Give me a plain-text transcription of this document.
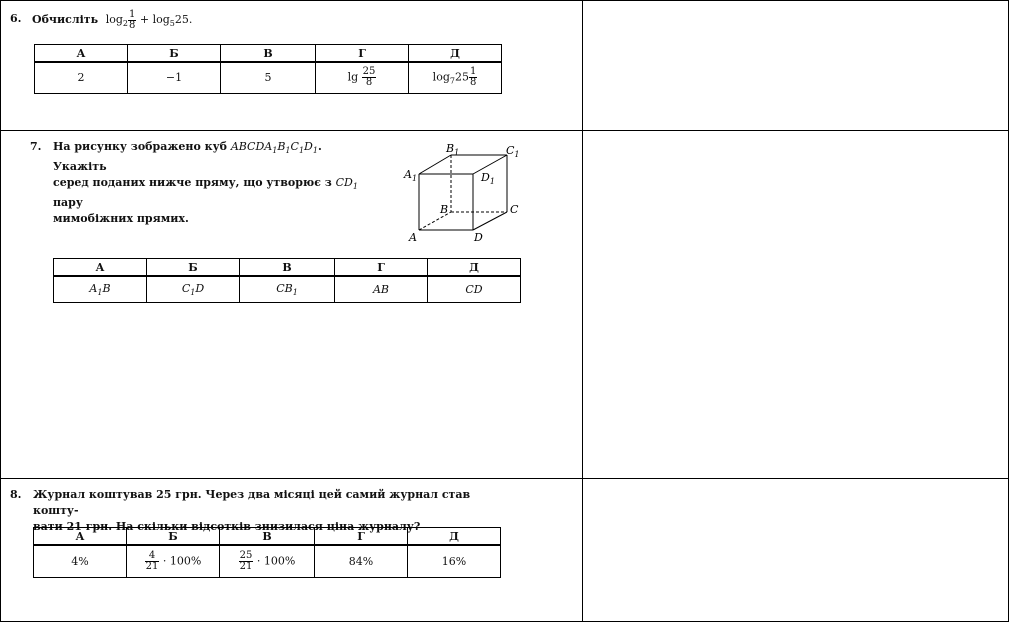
6. Обчисліть $\log_2 \frac{1}{8} + \log_525$.
А	Б	В	Г	Д
2	−1	5	$\lg \frac{25}{8}$	$\log_725 \frac{1}{8}$
7. На рисунку зображено куб $ABCDA_1B_1C_1D_1$. Укажіть
серед поданих нижче пряму, що утворює з $CD_1$ пару
мимобіжних прямих.
$B_1$	$C_1$
$A_1$	$D_1$
B	C
A	D
А	Б	В	Г	Д
$A_1B$	$C_1D$	$CB_1$	AB	CD
8. Журнал коштував 25 грн. Через два місяці цей самий журнал став кошту-
вати 21 грн. На скільки відсотків знизилася ціна журналу?
А	Б	В	Г	Д
4%	$\frac{4}{21} \cdot 100\%$	$\frac{25}{21} \cdot 100\%$	84%	16%
